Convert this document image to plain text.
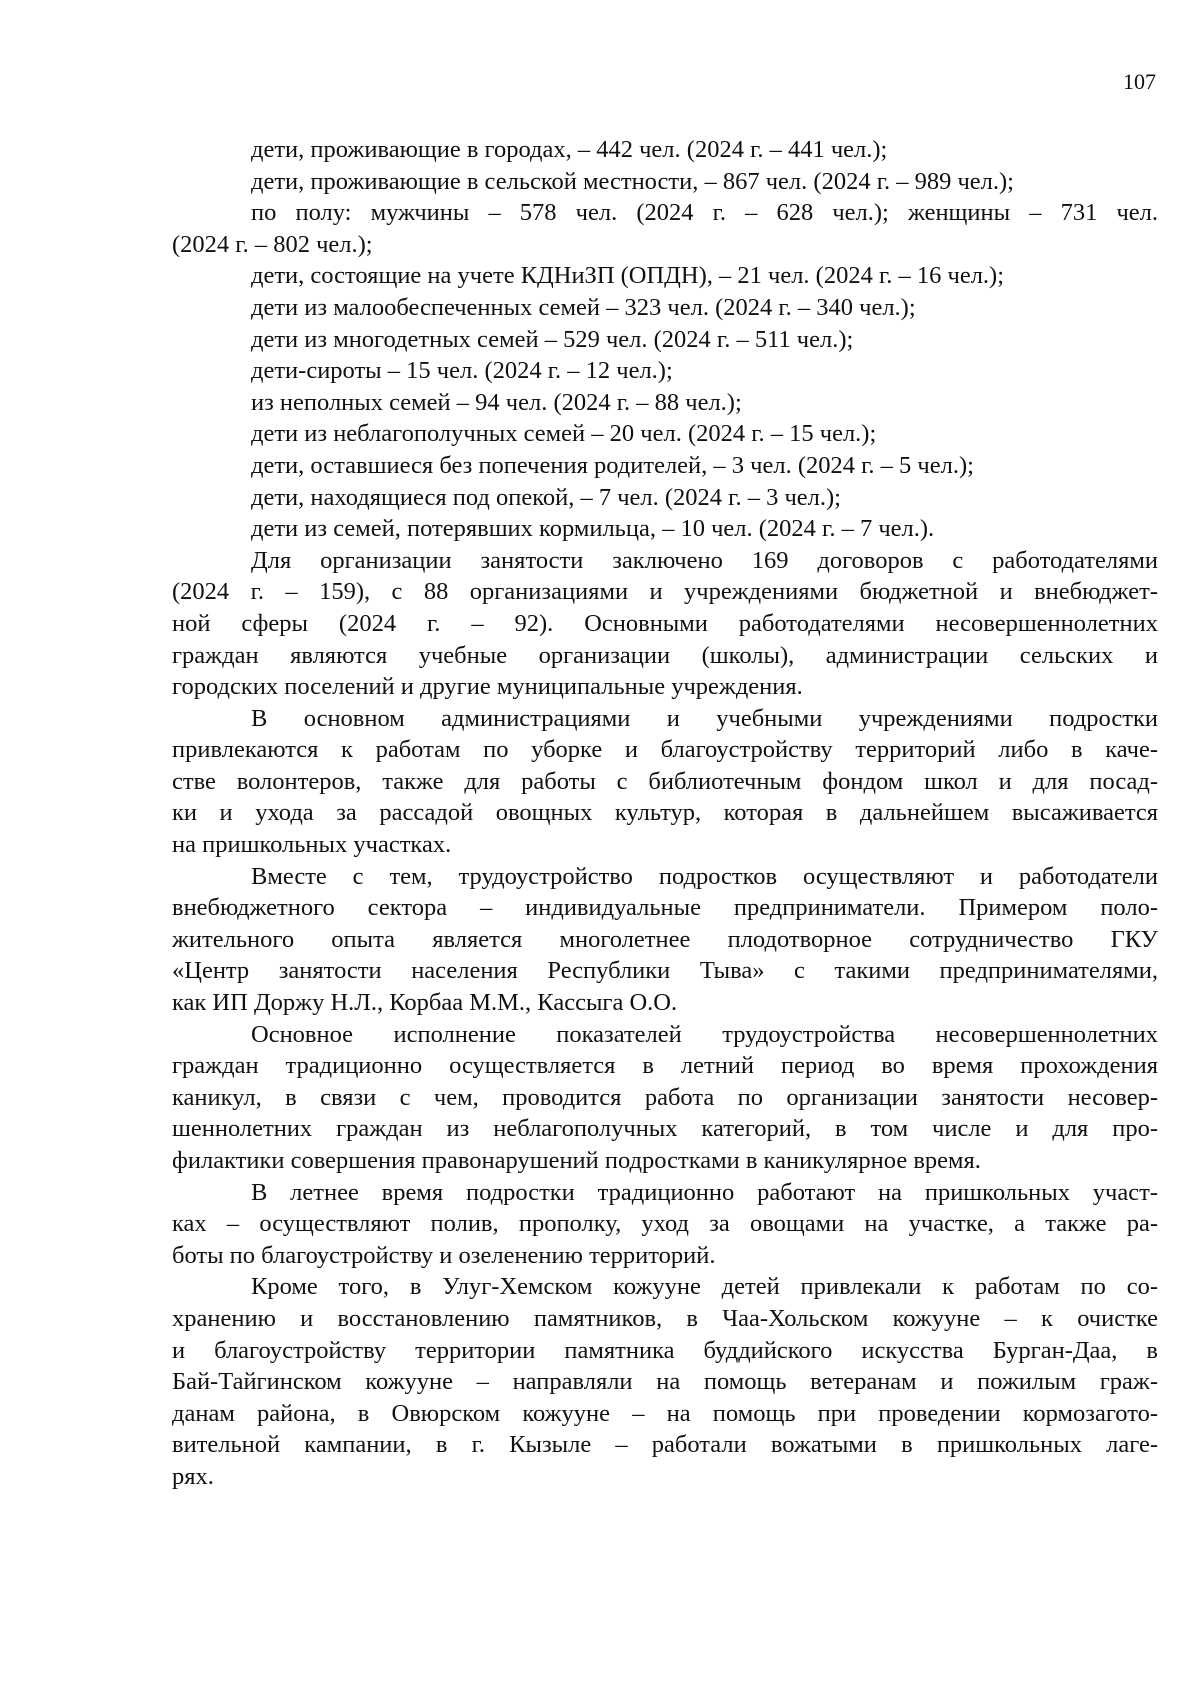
107
дети, проживающие в городах, – 442 чел. (2024 г. – 441 чел.);
дети, проживающие в сельской местности, – 867 чел. (2024 г. – 989 чел.);
по полу: мужчины – 578 чел. (2024 г. – 628 чел.); женщины – 731 чел.
(2024 г. – 802 чел.);
дети, состоящие на учете КДНиЗП (ОПДН), – 21 чел. (2024 г. – 16 чел.);
дети из малообеспеченных семей – 323 чел. (2024 г. – 340 чел.);
дети из многодетных семей – 529 чел. (2024 г. – 511 чел.);
дети-сироты – 15 чел. (2024 г. – 12 чел.);
из неполных семей – 94 чел. (2024 г. – 88 чел.);
дети из неблагополучных семей – 20 чел. (2024 г. – 15 чел.);
дети, оставшиеся без попечения родителей, – 3 чел. (2024 г. – 5 чел.);
дети, находящиеся под опекой, – 7 чел. (2024 г. – 3 чел.);
дети из семей, потерявших кормильца, – 10 чел. (2024 г. – 7 чел.).
Для организации занятости заключено 169 договоров с работодателями
(2024 г. – 159), с 88 организациями и учреждениями бюджетной и внебюджет-
ной сферы (2024 г. – 92). Основными работодателями несовершеннолетних
граждан являются учебные организации (школы), администрации сельских и
городских поселений и другие муниципальные учреждения.
В основном администрациями и учебными учреждениями подростки
привлекаются к работам по уборке и благоустройству территорий либо в каче-
стве волонтеров, также для работы с библиотечным фондом школ и для посад-
ки и ухода за рассадой овощных культур, которая в дальнейшем высаживается
на пришкольных участках.
Вместе с тем, трудоустройство подростков осуществляют и работодатели
внебюджетного сектора – индивидуальные предприниматели. Примером поло-
жительного опыта является многолетнее плодотворное сотрудничество ГКУ
«Центр занятости населения Республики Тыва» с такими предпринимателями,
как ИП Доржу Н.Л., Корбаа М.М., Кассыга О.О.
Основное исполнение показателей трудоустройства несовершеннолетних
граждан традиционно осуществляется в летний период во время прохождения
каникул, в связи с чем, проводится работа по организации занятости несовер-
шеннолетних граждан из неблагополучных категорий, в том числе и для про-
филактики совершения правонарушений подростками в каникулярное время.
В летнее время подростки традиционно работают на пришкольных участ-
ках – осуществляют полив, прополку, уход за овощами на участке, а также ра-
боты по благоустройству и озеленению территорий.
Кроме того, в Улуг-Хемском кожууне детей привлекали к работам по со-
хранению и восстановлению памятников, в Чаа-Хольском кожууне – к очистке
и благоустройству территории памятника буддийского искусства Бурган-Даа, в
Бай-Тайгинском кожууне – направляли на помощь ветеранам и пожилым граж-
данам района, в Овюрском кожууне – на помощь при проведении кормозагото-
вительной кампании, в г. Кызыле – работали вожатыми в пришкольных лаге-
рях.
